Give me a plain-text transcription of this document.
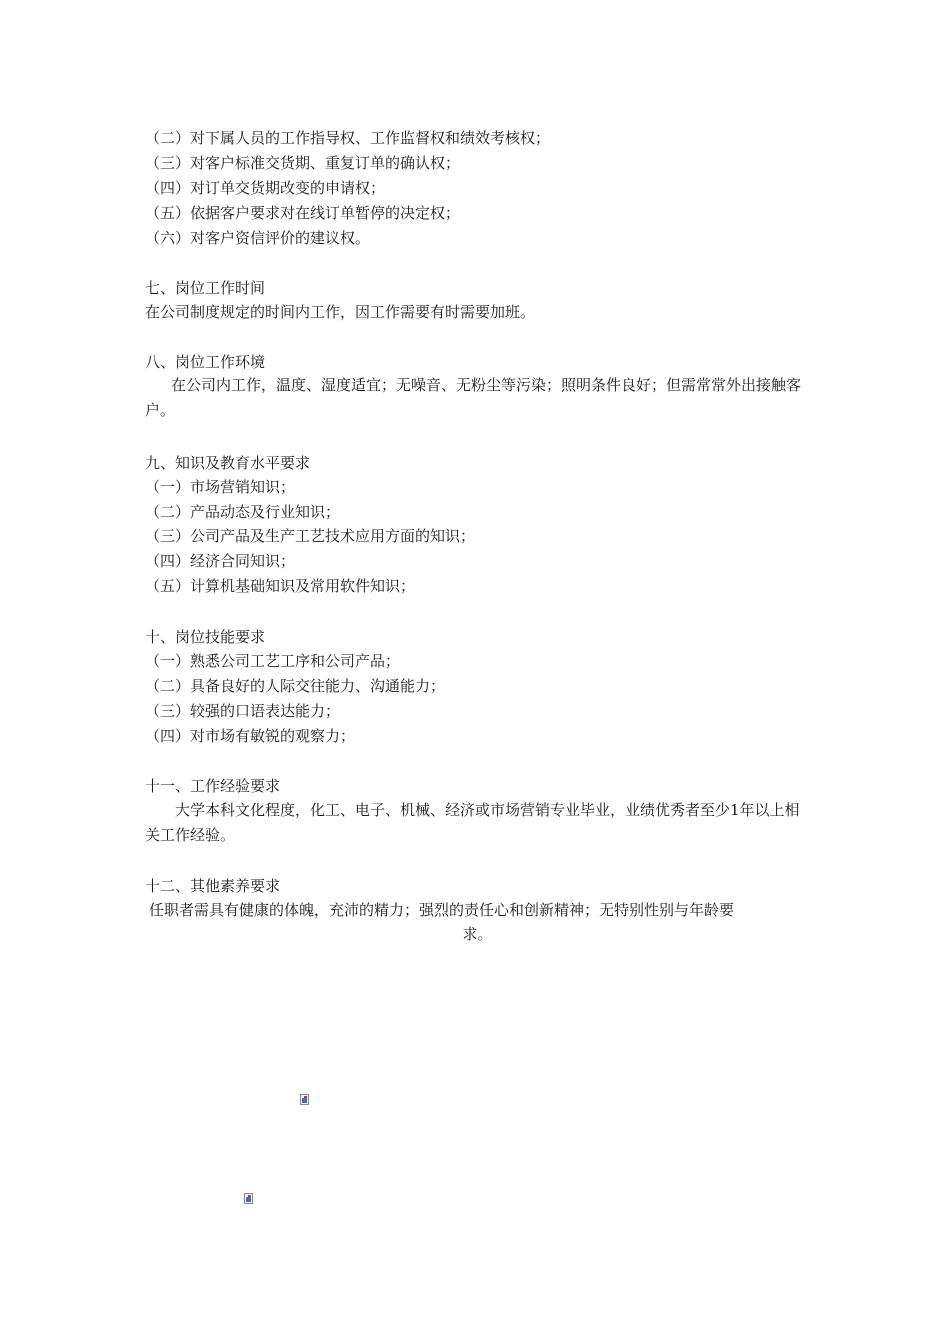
（二）对下属人员的工作指导权、工作监督权和绩效考核权；
（三）对客户标准交货期、重复订单的确认权；
（四）对订单交货期改变的申请权；
（五）依据客户要求对在线订单暂停的决定权；
（六）对客户资信评价的建议权。
七、岗位工作时间
在公司制度规定的时间内工作，因工作需要有时需要加班。
八、岗位工作环境
在公司内工作，温度、湿度适宜；无噪音、无粉尘等污染；照明条件良好；但需常常外出接触客户。
九、知识及教育水平要求
（一）市场营销知识；
（二）产品动态及行业知识；
（三）公司产品及生产工艺技术应用方面的知识；
（四）经济合同知识；
（五）计算机基础知识及常用软件知识；
十、岗位技能要求
（一）熟悉公司工艺工序和公司产品；
（二）具备良好的人际交往能力、沟通能力；
（三）较强的口语表达能力；
（四）对市场有敏锐的观察力；
十一、工作经验要求
大学本科文化程度，化工、电子、机械、经济或市场营销专业毕业，业绩优秀者至少1年以上相关工作经验。
十二、其他素养要求
任职者需具有健康的体魄，充沛的精力；强烈的责任心和创新精神；无特别性别与年龄要
求。
